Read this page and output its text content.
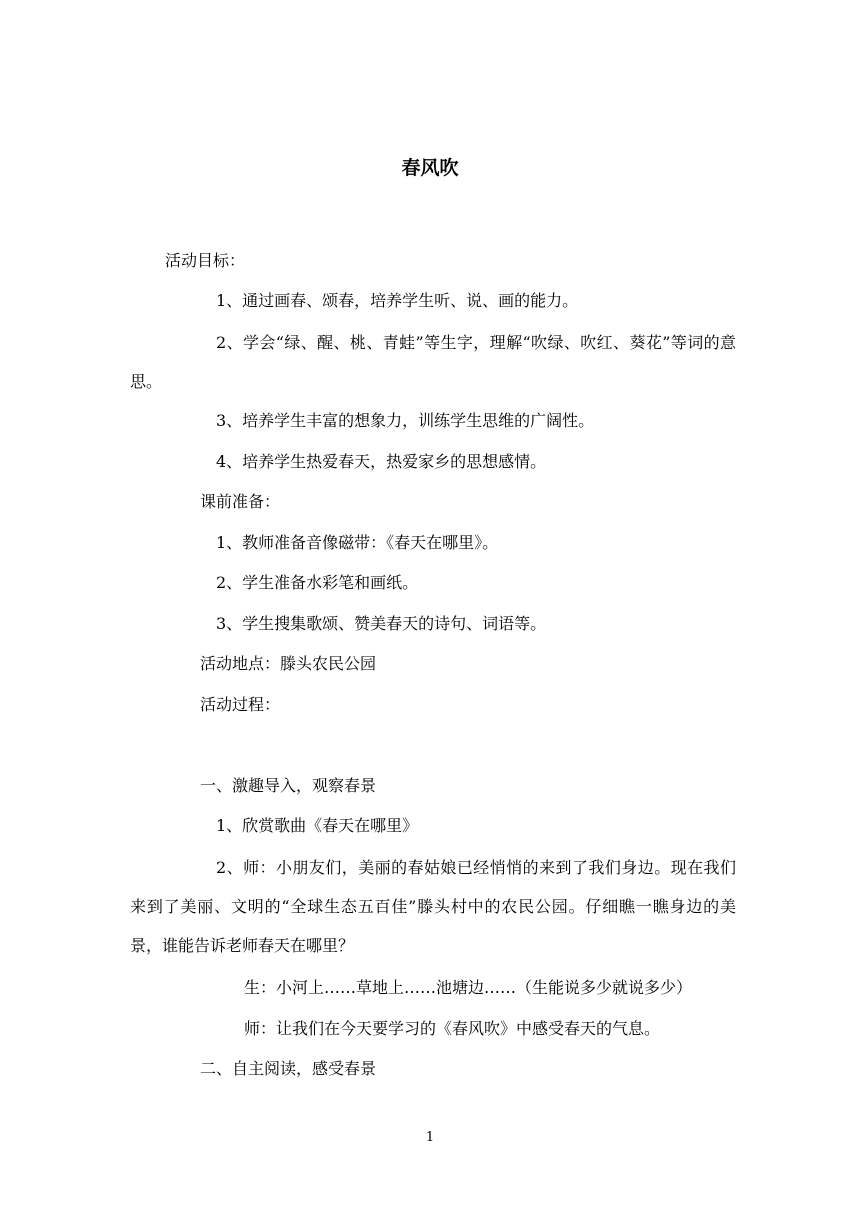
春风吹
活动目标：
1、通过画春、颂春，培养学生听、说、画的能力。

2、学会“绿、醒、桃、青蛙”等生字，理解“吹绿、吹红、葵花”等词的意思。

3、培养学生丰富的想象力，训练学生思维的广阔性。
4、培养学生热爱春天，热爱家乡的思想感情。
课前准备：
1、教师准备音像磁带：《春天在哪里》。
2、学生准备水彩笔和画纸。
3、学生搜集歌颂、赞美春天的诗句、词语等。
活动地点：滕头农民公园
活动过程：
一、激趣导入，观察春景
1、欣赏歌曲《春天在哪里》

2、师：小朋友们，美丽的春姑娘已经悄悄的来到了我们身边。现在我们来到了美丽、文明的“全球生态五百佳”滕头村中的农民公园。仔细瞧一瞧身边的美景，谁能告诉老师春天在哪里？

生：小河上……草地上……池塘边……（生能说多少就说多少）
师：让我们在今天要学习的《春风吹》中感受春天的气息。
二、自主阅读，感受春景
1
